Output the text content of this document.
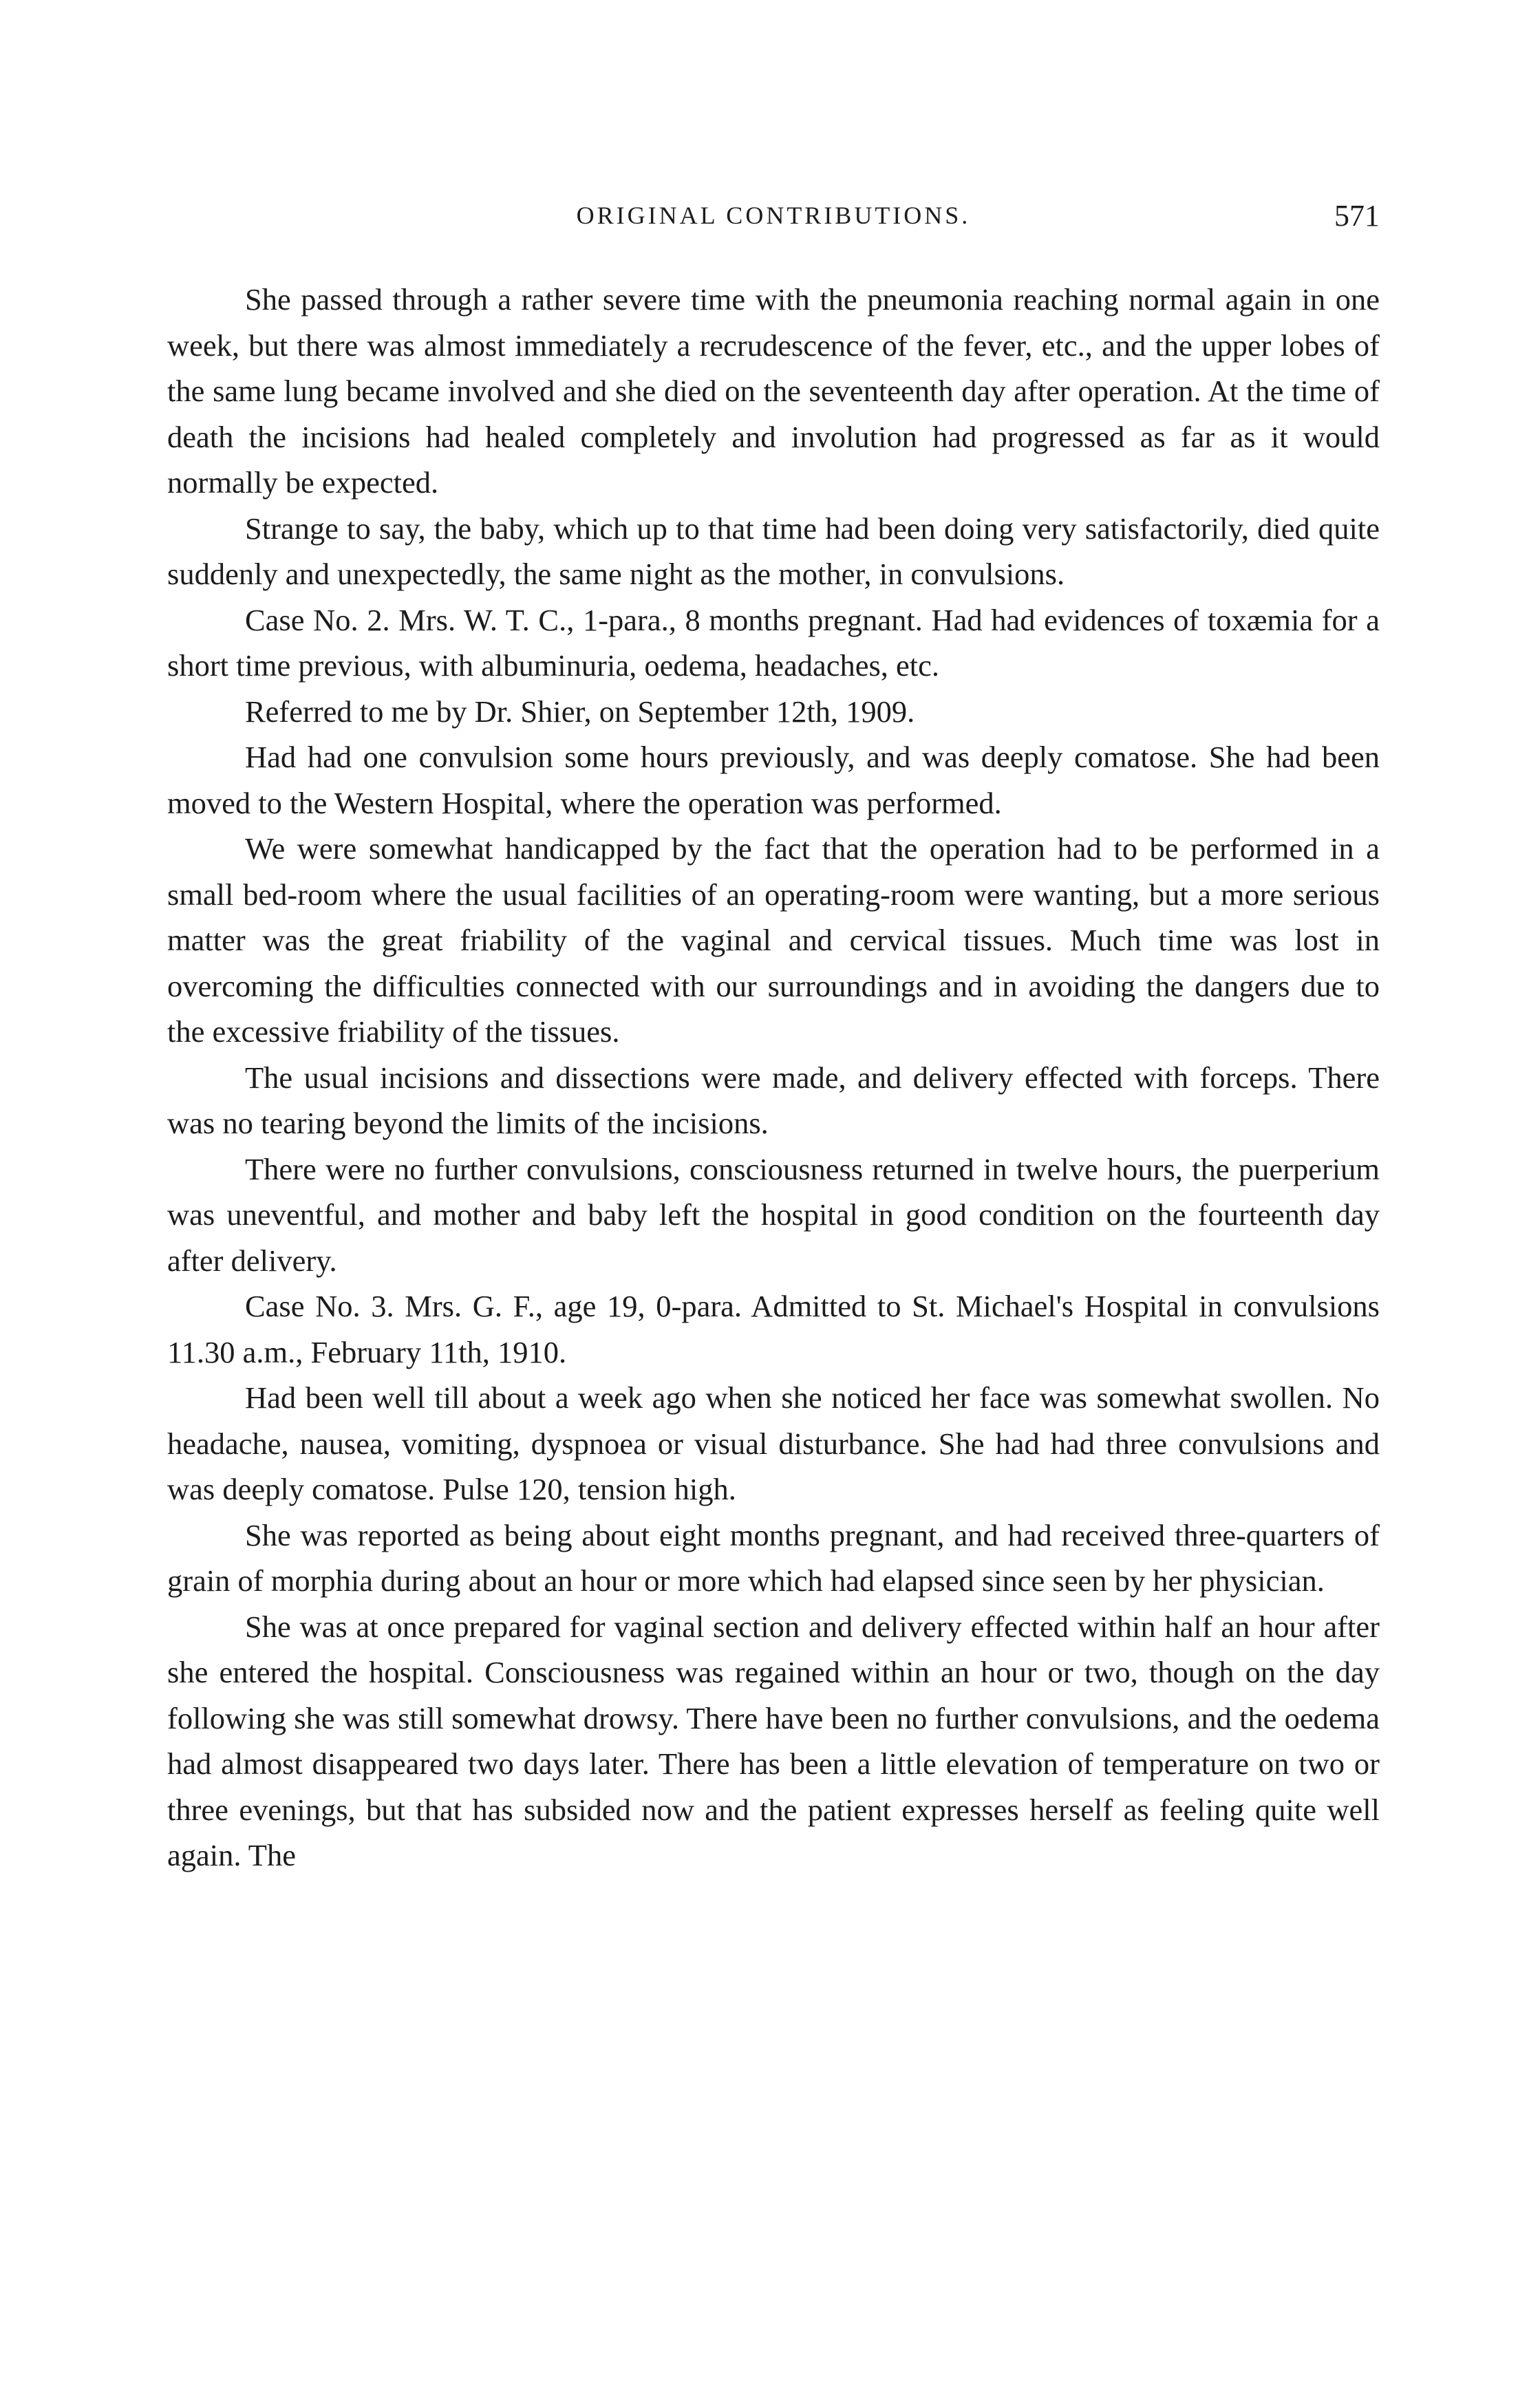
ORIGINAL CONTRIBUTIONS.	571

She passed through a rather severe time with the pneumonia reaching normal again in one week, but there was almost immediately a recrudescence of the fever, etc., and the upper lobes of the same lung became involved and she died on the seventeenth day after operation. At the time of death the incisions had healed completely and involution had progressed as far as it would normally be expected.

Strange to say, the baby, which up to that time had been doing very satisfactorily, died quite suddenly and unexpectedly, the same night as the mother, in convulsions.

Case No. 2. Mrs. W. T. C., 1-para., 8 months pregnant. Had had evidences of toxæmia for a short time previous, with albuminuria, oedema, headaches, etc.

Referred to me by Dr. Shier, on September 12th, 1909.

Had had one convulsion some hours previously, and was deeply comatose. She had been moved to the Western Hospital, where the operation was performed.

We were somewhat handicapped by the fact that the operation had to be performed in a small bed-room where the usual facilities of an operating-room were wanting, but a more serious matter was the great friability of the vaginal and cervical tissues. Much time was lost in overcoming the difficulties connected with our surroundings and in avoiding the dangers due to the excessive friability of the tissues.

The usual incisions and dissections were made, and delivery effected with forceps. There was no tearing beyond the limits of the incisions.

There were no further convulsions, consciousness returned in twelve hours, the puerperium was uneventful, and mother and baby left the hospital in good condition on the fourteenth day after delivery.

Case No. 3. Mrs. G. F., age 19, 0-para. Admitted to St. Michael's Hospital in convulsions 11.30 a.m., February 11th, 1910.

Had been well till about a week ago when she noticed her face was somewhat swollen. No headache, nausea, vomiting, dyspnoea or visual disturbance. She had had three convulsions and was deeply comatose. Pulse 120, tension high.

She was reported as being about eight months pregnant, and had received three-quarters of grain of morphia during about an hour or more which had elapsed since seen by her physician.

She was at once prepared for vaginal section and delivery effected within half an hour after she entered the hospital. Consciousness was regained within an hour or two, though on the day following she was still somewhat drowsy. There have been no further convulsions, and the oedema had almost disappeared two days later. There has been a little elevation of temperature on two or three evenings, but that has subsided now and the patient expresses herself as feeling quite well again. The
